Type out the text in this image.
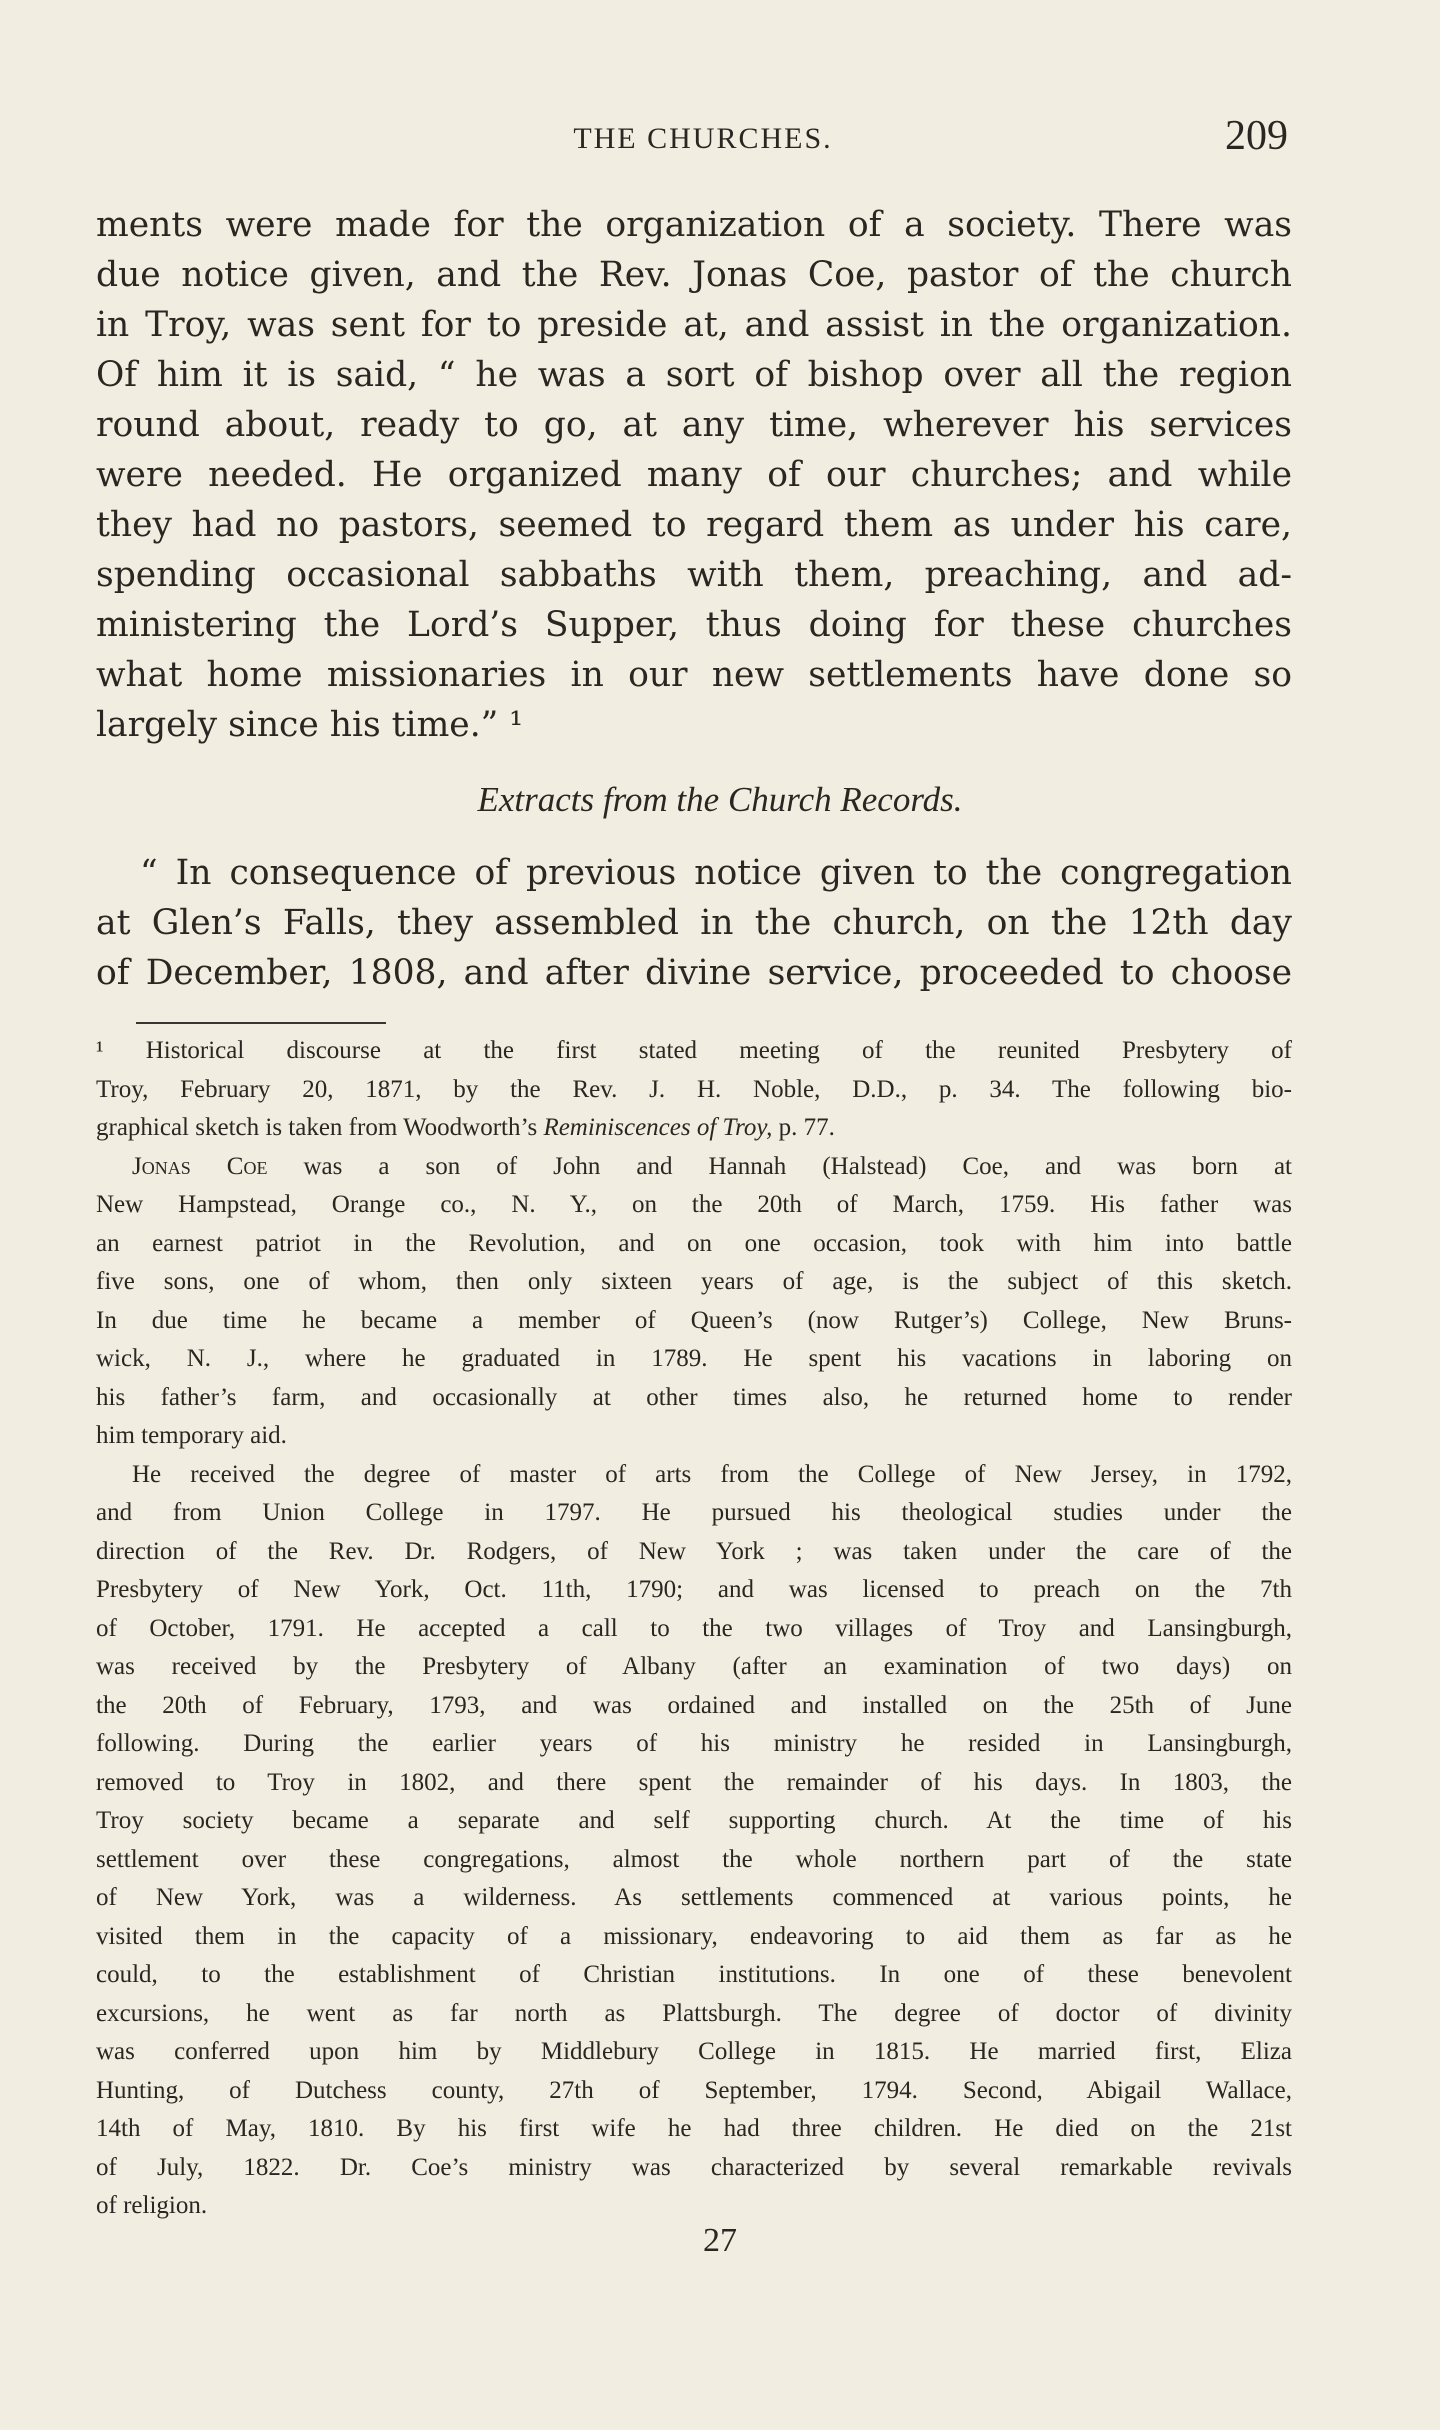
THE CHURCHES.	209
ments were made for the organization of a society. There was
due notice given, and the Rev. Jonas Coe, pastor of the church
in Troy, was sent for to preside at, and assist in the organization.
Of him it is said, “ he was a sort of bishop over all the region
round about, ready to go, at any time, wherever his services
were needed. He organized many of our churches; and while
they had no pastors, seemed to regard them as under his care,
spending occasional sabbaths with them, preaching, and ad-
ministering the Lord’s Supper, thus doing for these churches
what home missionaries in our new settlements have done so
largely since his time.” ¹
Extracts from the Church Records.
“ In consequence of previous notice given to the congregation
at Glen’s Falls, they assembled in the church, on the 12th day
of December, 1808, and after divine service, proceeded to choose
¹ Historical discourse at the first stated meeting of the reunited Presbytery of
Troy, February 20, 1871, by the Rev. J. H. Noble, D.D., p. 34. The following bio-
graphical sketch is taken from Woodworth’s Reminiscences of Troy, p. 77.
Jonas Coe was a son of John and Hannah (Halstead) Coe, and was born at
New Hampstead, Orange co., N. Y., on the 20th of March, 1759. His father was
an earnest patriot in the Revolution, and on one occasion, took with him into battle
five sons, one of whom, then only sixteen years of age, is the subject of this sketch.
In due time he became a member of Queen’s (now Rutger’s) College, New Bruns-
wick, N. J., where he graduated in 1789. He spent his vacations in laboring on
his father’s farm, and occasionally at other times also, he returned home to render
him temporary aid.
He received the degree of master of arts from the College of New Jersey, in 1792,
and from Union College in 1797. He pursued his theological studies under the
direction of the Rev. Dr. Rodgers, of New York ; was taken under the care of the
Presbytery of New York, Oct. 11th, 1790; and was licensed to preach on the 7th
of October, 1791. He accepted a call to the two villages of Troy and Lansingburgh,
was received by the Presbytery of Albany (after an examination of two days) on
the 20th of February, 1793, and was ordained and installed on the 25th of June
following. During the earlier years of his ministry he resided in Lansingburgh,
removed to Troy in 1802, and there spent the remainder of his days. In 1803, the
Troy society became a separate and self supporting church. At the time of his
settlement over these congregations, almost the whole northern part of the state
of New York, was a wilderness. As settlements commenced at various points, he
visited them in the capacity of a missionary, endeavoring to aid them as far as he
could, to the establishment of Christian institutions. In one of these benevolent
excursions, he went as far north as Plattsburgh. The degree of doctor of divinity
was conferred upon him by Middlebury College in 1815. He married first, Eliza
Hunting, of Dutchess county, 27th of September, 1794. Second, Abigail Wallace,
14th of May, 1810. By his first wife he had three children. He died on the 21st
of July, 1822. Dr. Coe’s ministry was characterized by several remarkable revivals
of religion.
27
